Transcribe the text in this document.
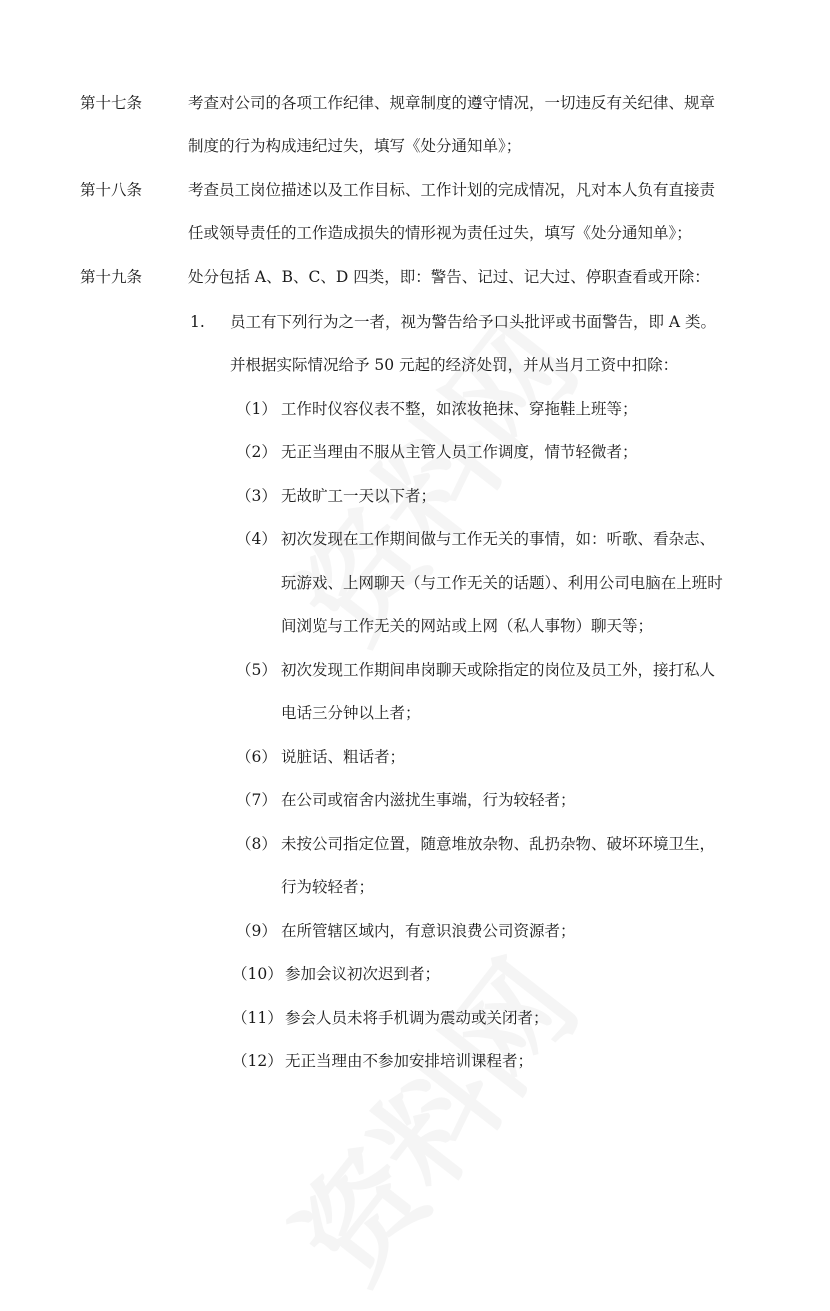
第十七条	考查对公司的各项工作纪律、规章制度的遵守情况，一切违反有关纪律、规章
制度的行为构成违纪过失，填写《处分通知单》；
第十八条	考查员工岗位描述以及工作目标、工作计划的完成情况，凡对本人负有直接责
任或领导责任的工作造成损失的情形视为责任过失，填写《处分通知单》；
第十九条	处分包括 A、B、C、D 四类，即：警告、记过、记大过、停职查看或开除：
1. 员工有下列行为之一者，视为警告给予口头批评或书面警告，即 A 类。
并根据实际情况给予 50 元起的经济处罚，并从当月工资中扣除：
（1） 工作时仪容仪表不整，如浓妆艳抹、穿拖鞋上班等；
（2） 无正当理由不服从主管人员工作调度，情节轻微者；
（3） 无故旷工一天以下者；
（4） 初次发现在工作期间做与工作无关的事情，如：听歌、看杂志、
玩游戏、上网聊天（与工作无关的话题）、利用公司电脑在上班时
间浏览与工作无关的网站或上网（私人事物）聊天等；
（5） 初次发现工作期间串岗聊天或除指定的岗位及员工外，接打私人
电话三分钟以上者；
（6） 说脏话、粗话者；
（7） 在公司或宿舍内滋扰生事端，行为较轻者；
（8） 未按公司指定位置，随意堆放杂物、乱扔杂物、破坏环境卫生，
行为较轻者；
（9） 在所管辖区域内，有意识浪费公司资源者；
（10） 参加会议初次迟到者；
（11） 参会人员未将手机调为震动或关闭者；
（12） 无正当理由不参加安排培训课程者；
